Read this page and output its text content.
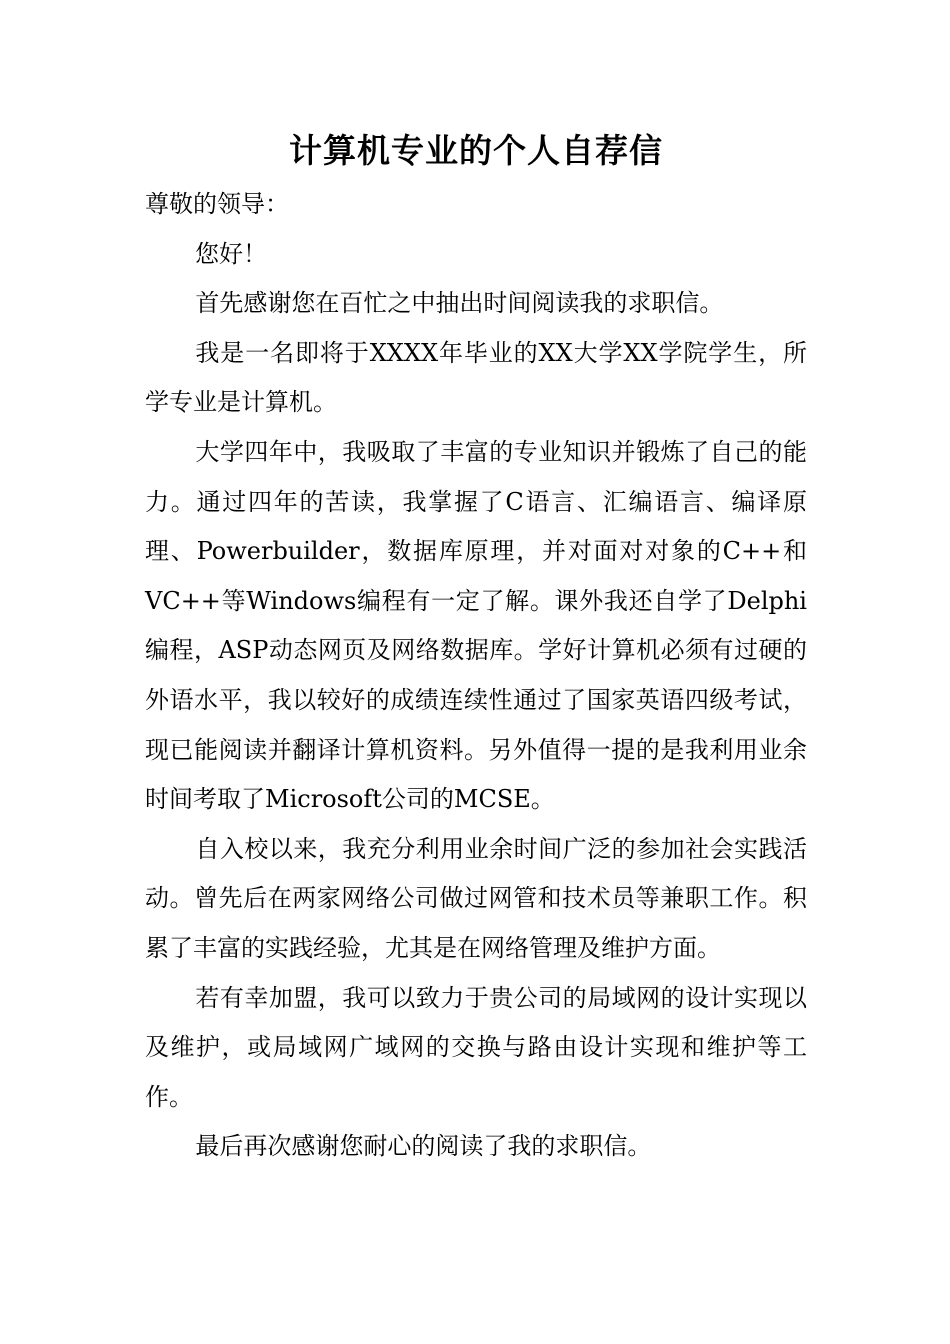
计算机专业的个人自荐信

尊敬的领导：

您好！

首先感谢您在百忙之中抽出时间阅读我的求职信。

我是一名即将于XXXX年毕业的XX大学XX学院学生，所学专业是计算机。

大学四年中，我吸取了丰富的专业知识并锻炼了自己的能力。通过四年的苦读，我掌握了C语言、汇编语言、编译原理、Powerbuilder，数据库原理，并对面对对象的C++和VC++等Windows编程有一定了解。课外我还自学了Delphi编程，ASP动态网页及网络数据库。学好计算机必须有过硬的外语水平，我以较好的成绩连续性通过了国家英语四级考试，现已能阅读并翻译计算机资料。另外值得一提的是我利用业余时间考取了Microsoft公司的MCSE。

自入校以来，我充分利用业余时间广泛的参加社会实践活动。曾先后在两家网络公司做过网管和技术员等兼职工作。积累了丰富的实践经验，尤其是在网络管理及维护方面。

若有幸加盟，我可以致力于贵公司的局域网的设计实现以及维护，或局域网广域网的交换与路由设计实现和维护等工作。

最后再次感谢您耐心的阅读了我的求职信。
